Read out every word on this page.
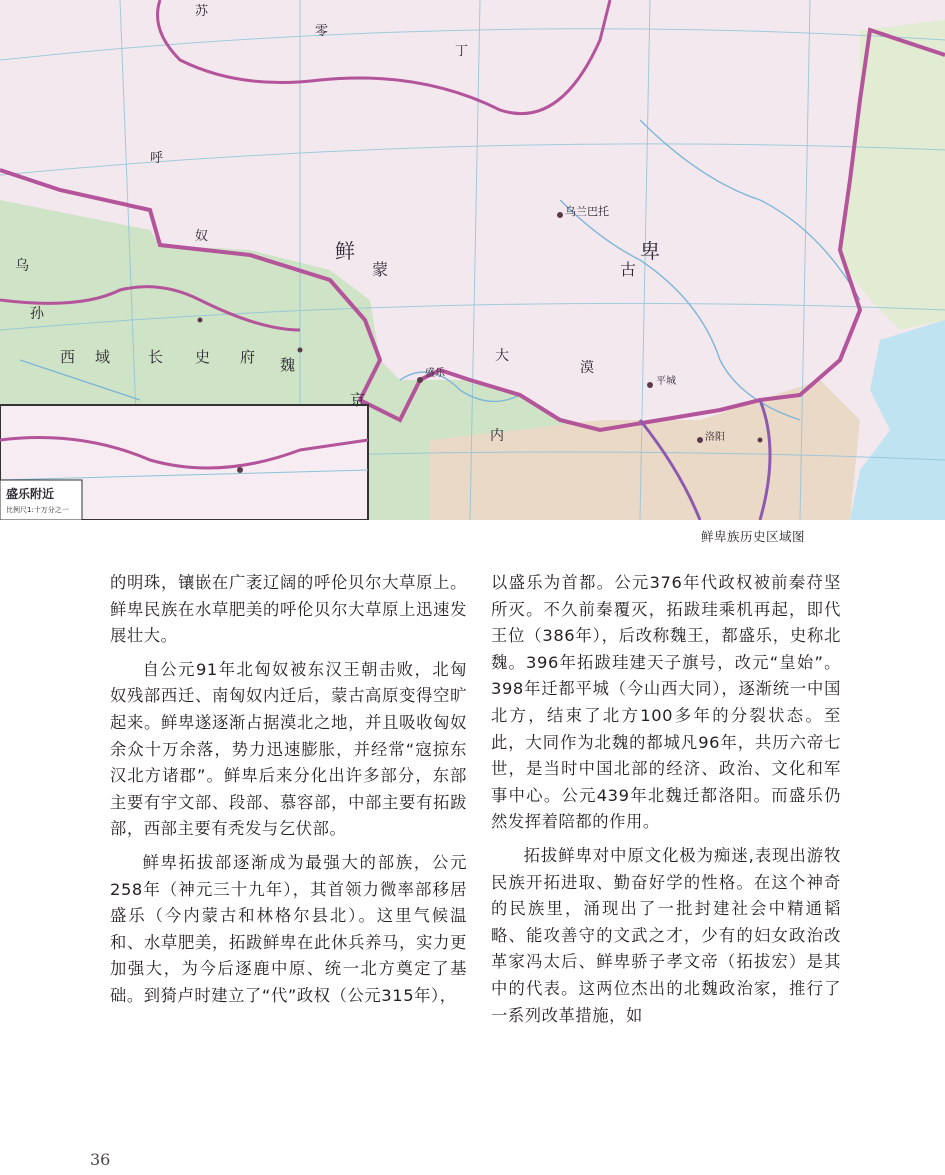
鲜	卑
蒙	古
西 域	长 史 府 魏
京
大
漠
内
孙
乌
呼
奴
丁
零
苏
乌兰巴托
盛乐
平城
洛阳
盛乐附近
比例尺1:十万分之一
鲜卑族历史区域图

的明珠，镶嵌在广袤辽阔的呼伦贝尔大草原上。鲜卑民族在水草肥美的呼伦贝尔大草原上迅速发展壮大。

自公元91年北匈奴被东汉王朝击败，北匈奴残部西迁、南匈奴内迁后，蒙古高原变得空旷起来。鲜卑遂逐渐占据漠北之地，并且吸收匈奴余众十万余落，势力迅速膨胀，并经常“寇掠东汉北方诸郡”。鲜卑后来分化出许多部分，东部主要有宇文部、段部、慕容部，中部主要有拓跋部，西部主要有秃发与乞伏部。

鲜卑拓拔部逐渐成为最强大的部族，公元258年（神元三十九年），其首领力微率部移居盛乐（今内蒙古和林格尔县北）。这里气候温和、水草肥美，拓跋鲜卑在此休兵养马，实力更加强大，为今后逐鹿中原、统一北方奠定了基础。到猗卢时建立了“代”政权（公元315年），

以盛乐为首都。公元376年代政权被前秦苻坚所灭。不久前秦覆灭，拓跋珪乘机再起，即代王位（386年），后改称魏王，都盛乐，史称北魏。396年拓跋珪建天子旗号，改元“皇始”。398年迁都平城（今山西大同），逐渐统一中国北方，结束了北方100多年的分裂状态。至此，大同作为北魏的都城凡96年，共历六帝七世，是当时中国北部的经济、政治、文化和军事中心。公元439年北魏迁都洛阳。而盛乐仍然发挥着陪都的作用。

拓拔鲜卑对中原文化极为痴迷,表现出游牧民族开拓进取、勤奋好学的性格。在这个神奇的民族里，涌现出了一批封建社会中精通韬略、能攻善守的文武之才，少有的妇女政治改革家冯太后、鲜卑骄子孝文帝（拓拔宏）是其中的代表。这两位杰出的北魏政治家，推行了一系列改革措施，如

36
